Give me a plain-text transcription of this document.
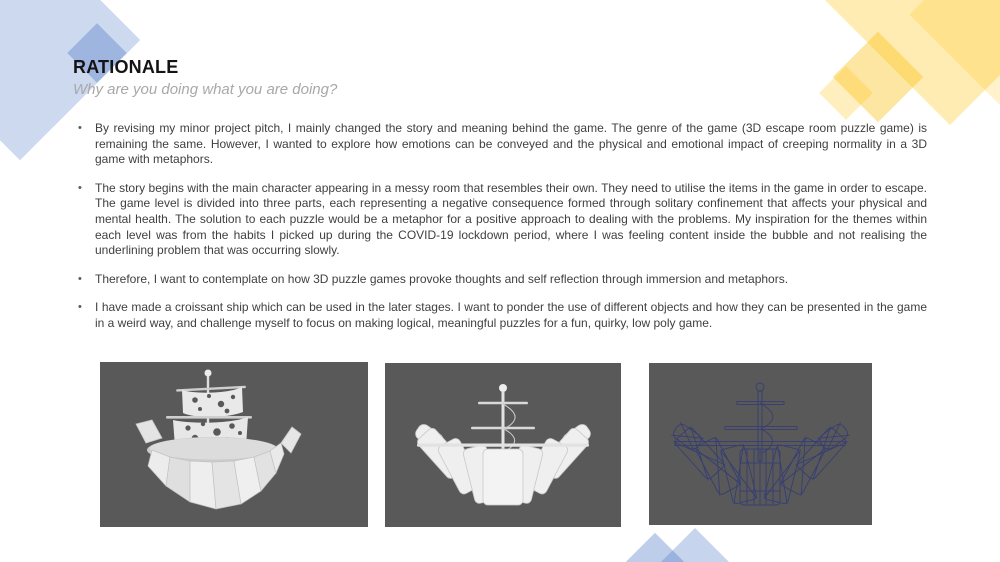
RATIONALE
Why are you doing what you are doing?
• By revising my minor project pitch, I mainly changed the story and meaning behind the game. The genre of the game (3D escape room puzzle game) is remaining the same. However, I wanted to explore how emotions can be conveyed and the physical and emotional impact of creeping normality in a 3D game with metaphors.
• The story begins with the main character appearing in a messy room that resembles their own. They need to utilise the items in the game in order to escape. The game level is divided into three parts, each representing a negative consequence formed through solitary confinement that affects your physical and mental health. The solution to each puzzle would be a metaphor for a positive approach to dealing with the problems. My inspiration for the themes within each level was from the habits I picked up during the COVID-19 lockdown period, where I was feeling content inside the bubble and not realising the underlining problem that was occurring slowly.
• Therefore, I want to contemplate on how 3D puzzle games provoke thoughts and self reflection through immersion and metaphors.
• I have made a croissant ship which can be used in the later stages. I want to ponder the use of different objects and how they can be presented in the game in a weird way, and challenge myself to focus on making logical, meaningful puzzles for a fun, quirky, low poly game.
